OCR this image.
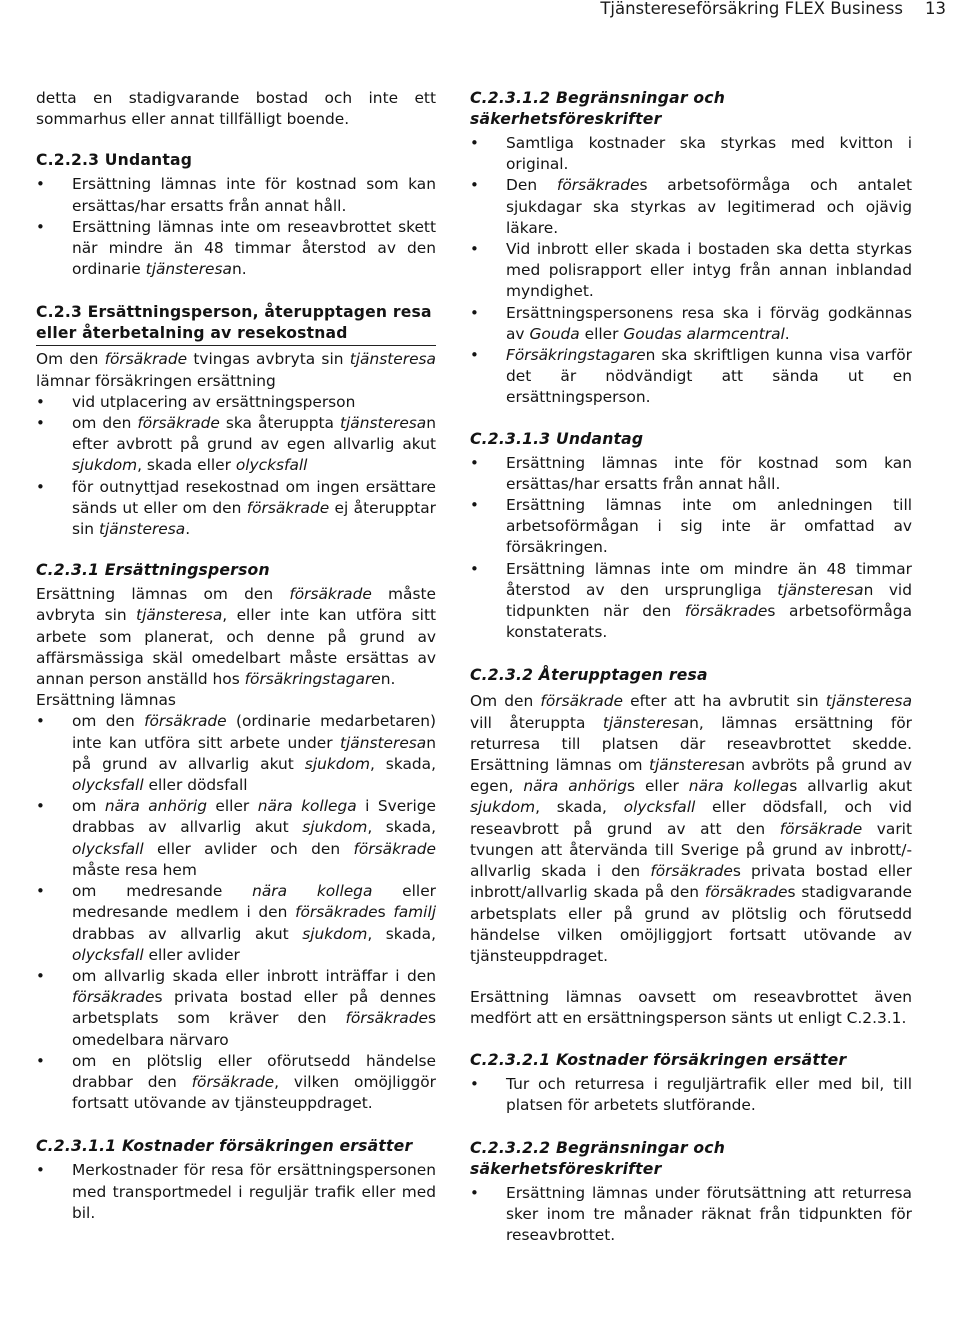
Tjänstereseförsäkring FLEX Business 13

detta en stadigvarande bostad och inte ett sommarhus eller annat tillfälligt boende.

C.2.2.3 Undantag
• Ersättning lämnas inte för kostnad som kan ersättas/har ersatts från annat håll.
• Ersättning lämnas inte om reseavbrottet skett när mindre än 48 timmar återstod av den ordinarie tjänsteresan.
C.2.3 Ersättningsperson, återupptagen resa eller återbetalning av resekostnad

Om den försäkrade tvingas avbryta sin tjänsteresa lämnar försäkringen ersättning

• vid utplacering av ersättningsperson
• om den försäkrade ska återuppta tjänsteresan efter avbrott på grund av egen allvarlig akut sjukdom, skada eller olycksfall
• för outnyttjad resekostnad om ingen ersättare sänds ut eller om den försäkrade ej återupptar sin tjänsteresa.
C.2.3.1 Ersättningsperson

Ersättning lämnas om den försäkrade måste avbryta sin tjänsteresa, eller inte kan utföra sitt arbete som planerat, och denne på grund av affärsmässiga skäl omedelbart måste ersättas av annan person anställd hos försäkringstagaren.

Ersättning lämnas

• om den försäkrade (ordinarie medarbetaren) inte kan utföra sitt arbete under tjänsteresan på grund av allvarlig akut sjukdom, skada, olycksfall eller dödsfall
• om nära anhörig eller nära kollega i Sverige drabbas av allvarlig akut sjukdom, skada, olycksfall eller avlider och den försäkrade måste resa hem
• om medresande nära kollega eller medresande medlem i den försäkrades familj drabbas av allvarlig akut sjukdom, skada, olycksfall eller avlider
• om allvarlig skada eller inbrott inträffar i den försäkrades privata bostad eller på dennes arbetsplats som kräver den försäkrades omedelbara närvaro
• om en plötslig eller oförutsedd händelse drabbar den försäkrade, vilken omöjliggör fortsatt utövande av tjänsteuppdraget.
C.2.3.1.1 Kostnader försäkringen ersätter
• Merkostnader för resa för ersättningspersonen med transportmedel i reguljär trafik eller med bil.
C.2.3.1.2 Begränsningar och säkerhetsföreskrifter
• Samtliga kostnader ska styrkas med kvitton i original.
• Den försäkrades arbetsoförmåga och antalet sjukdagar ska styrkas av legitimerad och ojävig läkare.
• Vid inbrott eller skada i bostaden ska detta styrkas med polisrapport eller intyg från annan inblandad myndighet.
• Ersättningspersonens resa ska i förväg godkännas av Gouda eller Goudas alarmcentral.
• Försäkringstagaren ska skriftligen kunna visa varför det är nödvändigt att sända ut en ersättningsperson.
C.2.3.1.3 Undantag
• Ersättning lämnas inte för kostnad som kan ersättas/har ersatts från annat håll.
• Ersättning lämnas inte om anledningen till arbetsoförmågan i sig inte är omfattad av försäkringen.
• Ersättning lämnas inte om mindre än 48 timmar återstod av den ursprungliga tjänsteresan vid tidpunkten när den försäkrades arbetsoförmåga konstaterats.
C.2.3.2 Återupptagen resa

Om den försäkrade efter att ha avbrutit sin tjänsteresa vill återuppta tjänsteresan, lämnas ersättning för returresa till platsen där reseavbrottet skedde. Ersättning lämnas om tjänsteresan avbröts på grund av egen, nära anhörigs eller nära kollegas allvarlig akut sjukdom, skada, olycksfall eller dödsfall, och vid reseavbrott på grund av att den försäkrade varit tvungen att återvända till Sverige på grund av inbrott/-allvarlig skada i den försäkrades privata bostad eller inbrott/allvarlig skada på den försäkrades stadigvarande arbetsplats eller på grund av plötslig och förutsedd händelse vilken omöjliggjort fortsatt utövande av tjänsteuppdraget.

Ersättning lämnas oavsett om reseavbrottet även medfört att en ersättningsperson sänts ut enligt C.2.3.1.

C.2.3.2.1 Kostnader försäkringen ersätter
• Tur och returresa i reguljärtrafik eller med bil, till platsen för arbetets slutförande.
C.2.3.2.2 Begränsningar och säkerhetsföreskrifter
• Ersättning lämnas under förutsättning att returresa sker inom tre månader räknat från tidpunkten för reseavbrottet.
